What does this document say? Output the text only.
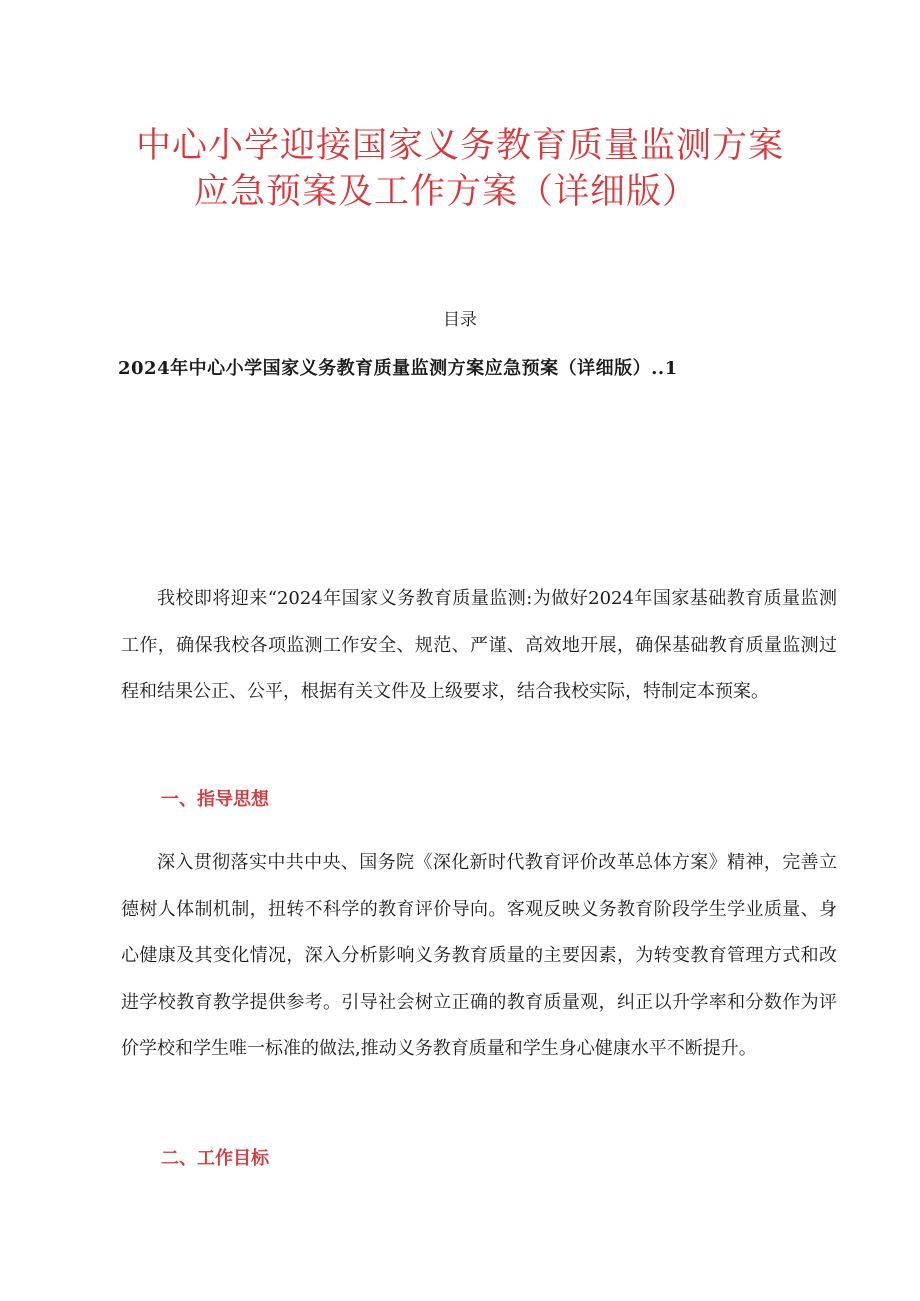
中心小学迎接国家义务教育质量监测方案
应急预案及工作方案（详细版）
目录
2024年中心小学国家义务教育质量监测方案应急预案（详细版）..1

我校即将迎来“2024年国家义务教育质量监测:为做好2024年国家基础教育质量监测工作，确保我校各项监测工作安全、规范、严谨、高效地开展，确保基础教育质量监测过程和结果公正、公平，根据有关文件及上级要求，结合我校实际，特制定本预案。

一、指导思想

深入贯彻落实中共中央、国务院《深化新时代教育评价改革总体方案》精神，完善立德树人体制机制，扭转不科学的教育评价导向。客观反映义务教育阶段学生学业质量、身心健康及其变化情况，深入分析影响义务教育质量的主要因素，为转变教育管理方式和改进学校教育教学提供参考。引导社会树立正确的教育质量观，纠正以升学率和分数作为评价学校和学生唯一标准的做法,推动义务教育质量和学生身心健康水平不断提升。

二、工作目标
